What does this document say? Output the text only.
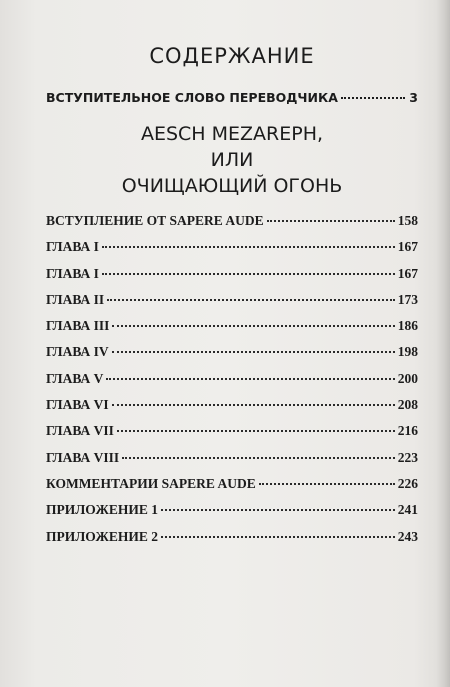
СОДЕРЖАНИЕ
ВСТУПИТЕЛЬНОЕ СЛОВО ПЕРЕВОДЧИКА	3
AESCH MEZAREPH,
ИЛИ
ОЧИЩАЮЩИЙ ОГОНЬ
ВСТУПЛЕНИЕ ОТ SAPERE AUDE	158
ГЛАВА I	167
ГЛАВА I	167
ГЛАВА II	173
ГЛАВА III	186
ГЛАВА IV	198
ГЛАВА V	200
ГЛАВА VI	208
ГЛАВА VII	216
ГЛАВА VIII	223
КОММЕНТАРИИ SAPERE AUDE	226
ПРИЛОЖЕНИЕ 1	241
ПРИЛОЖЕНИЕ 2	243
